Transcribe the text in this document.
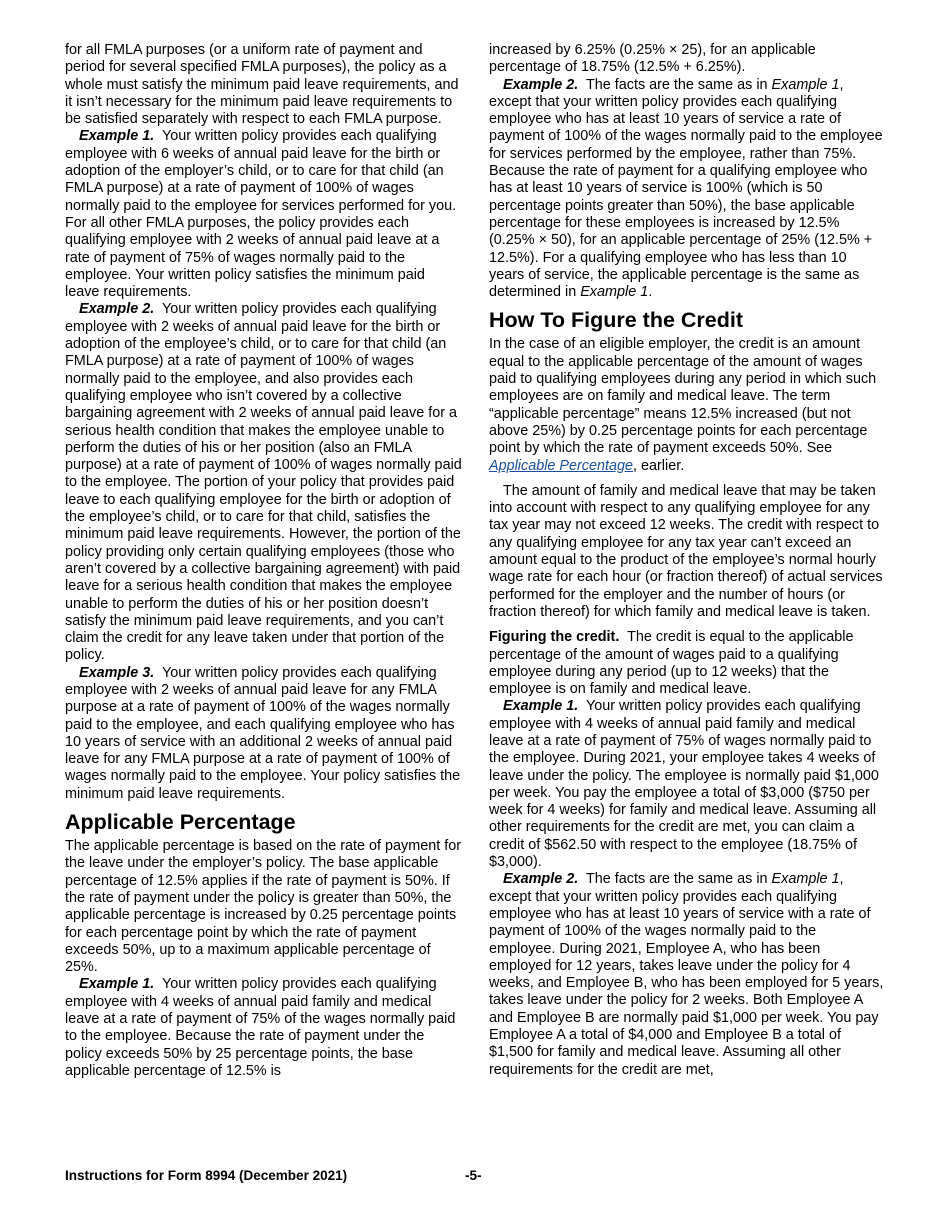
for all FMLA purposes (or a uniform rate of payment and period for several specified FMLA purposes), the policy as a whole must satisfy the minimum paid leave requirements, and it isn’t necessary for the minimum paid leave requirements to be satisfied separately with respect to each FMLA purpose.

Example 1. Your written policy provides each qualifying employee with 6 weeks of annual paid leave for the birth or adoption of the employer’s child, or to care for that child (an FMLA purpose) at a rate of payment of 100% of wages normally paid to the employee for services performed for you. For all other FMLA purposes, the policy provides each qualifying employee with 2 weeks of annual paid leave at a rate of payment of 75% of wages normally paid to the employee. Your written policy satisfies the minimum paid leave requirements.

Example 2. Your written policy provides each qualifying employee with 2 weeks of annual paid leave for the birth or adoption of the employee’s child, or to care for that child (an FMLA purpose) at a rate of payment of 100% of wages normally paid to the employee, and also provides each qualifying employee who isn’t covered by a collective bargaining agreement with 2 weeks of annual paid leave for a serious health condition that makes the employee unable to perform the duties of his or her position (also an FMLA purpose) at a rate of payment of 100% of wages normally paid to the employee. The portion of your policy that provides paid leave to each qualifying employee for the birth or adoption of the employee’s child, or to care for that child, satisfies the minimum paid leave requirements. However, the portion of the policy providing only certain qualifying employees (those who aren’t covered by a collective bargaining agreement) with paid leave for a serious health condition that makes the employee unable to perform the duties of his or her position doesn’t satisfy the minimum paid leave requirements, and you can’t claim the credit for any leave taken under that portion of the policy.

Example 3. Your written policy provides each qualifying employee with 2 weeks of annual paid leave for any FMLA purpose at a rate of payment of 100% of the wages normally paid to the employee, and each qualifying employee who has 10 years of service with an additional 2 weeks of annual paid leave for any FMLA purpose at a rate of payment of 100% of wages normally paid to the employee. Your policy satisfies the minimum paid leave requirements.

Applicable Percentage

The applicable percentage is based on the rate of payment for the leave under the employer’s policy. The base applicable percentage of 12.5% applies if the rate of payment is 50%. If the rate of payment under the policy is greater than 50%, the applicable percentage is increased by 0.25 percentage points for each percentage point by which the rate of payment exceeds 50%, up to a maximum applicable percentage of 25%.

Example 1. Your written policy provides each qualifying employee with 4 weeks of annual paid family and medical leave at a rate of payment of 75% of the wages normally paid to the employee. Because the rate of payment under the policy exceeds 50% by 25 percentage points, the base applicable percentage of 12.5% is

increased by 6.25% (0.25% × 25), for an applicable percentage of 18.75% (12.5% + 6.25%).

Example 2. The facts are the same as in Example 1, except that your written policy provides each qualifying employee who has at least 10 years of service a rate of payment of 100% of the wages normally paid to the employee for services performed by the employee, rather than 75%. Because the rate of payment for a qualifying employee who has at least 10 years of service is 100% (which is 50 percentage points greater than 50%), the base applicable percentage for these employees is increased by 12.5% (0.25% × 50), for an applicable percentage of 25% (12.5% + 12.5%). For a qualifying employee who has less than 10 years of service, the applicable percentage is the same as determined in Example 1.

How To Figure the Credit

In the case of an eligible employer, the credit is an amount equal to the applicable percentage of the amount of wages paid to qualifying employees during any period in which such employees are on family and medical leave. The term “applicable percentage” means 12.5% increased (but not above 25%) by 0.25 percentage points for each percentage point by which the rate of payment exceeds 50%. See Applicable Percentage, earlier.

The amount of family and medical leave that may be taken into account with respect to any qualifying employee for any tax year may not exceed 12 weeks. The credit with respect to any qualifying employee for any tax year can’t exceed an amount equal to the product of the employee’s normal hourly wage rate for each hour (or fraction thereof) of actual services performed for the employer and the number of hours (or fraction thereof) for which family and medical leave is taken.

Figuring the credit. The credit is equal to the applicable percentage of the amount of wages paid to a qualifying employee during any period (up to 12 weeks) that the employee is on family and medical leave.

Example 1. Your written policy provides each qualifying employee with 4 weeks of annual paid family and medical leave at a rate of payment of 75% of wages normally paid to the employee. During 2021, your employee takes 4 weeks of leave under the policy. The employee is normally paid $1,000 per week. You pay the employee a total of $3,000 ($750 per week for 4 weeks) for family and medical leave. Assuming all other requirements for the credit are met, you can claim a credit of $562.50 with respect to the employee (18.75% of $3,000).

Example 2. The facts are the same as in Example 1, except that your written policy provides each qualifying employee who has at least 10 years of service with a rate of payment of 100% of the wages normally paid to the employee. During 2021, Employee A, who has been employed for 12 years, takes leave under the policy for 4 weeks, and Employee B, who has been employed for 5 years, takes leave under the policy for 2 weeks. Both Employee A and Employee B are normally paid $1,000 per week. You pay Employee A a total of $4,000 and Employee B a total of $1,500 for family and medical leave. Assuming all other requirements for the credit are met,

Instructions for Form 8994 (December 2021)	-5-
